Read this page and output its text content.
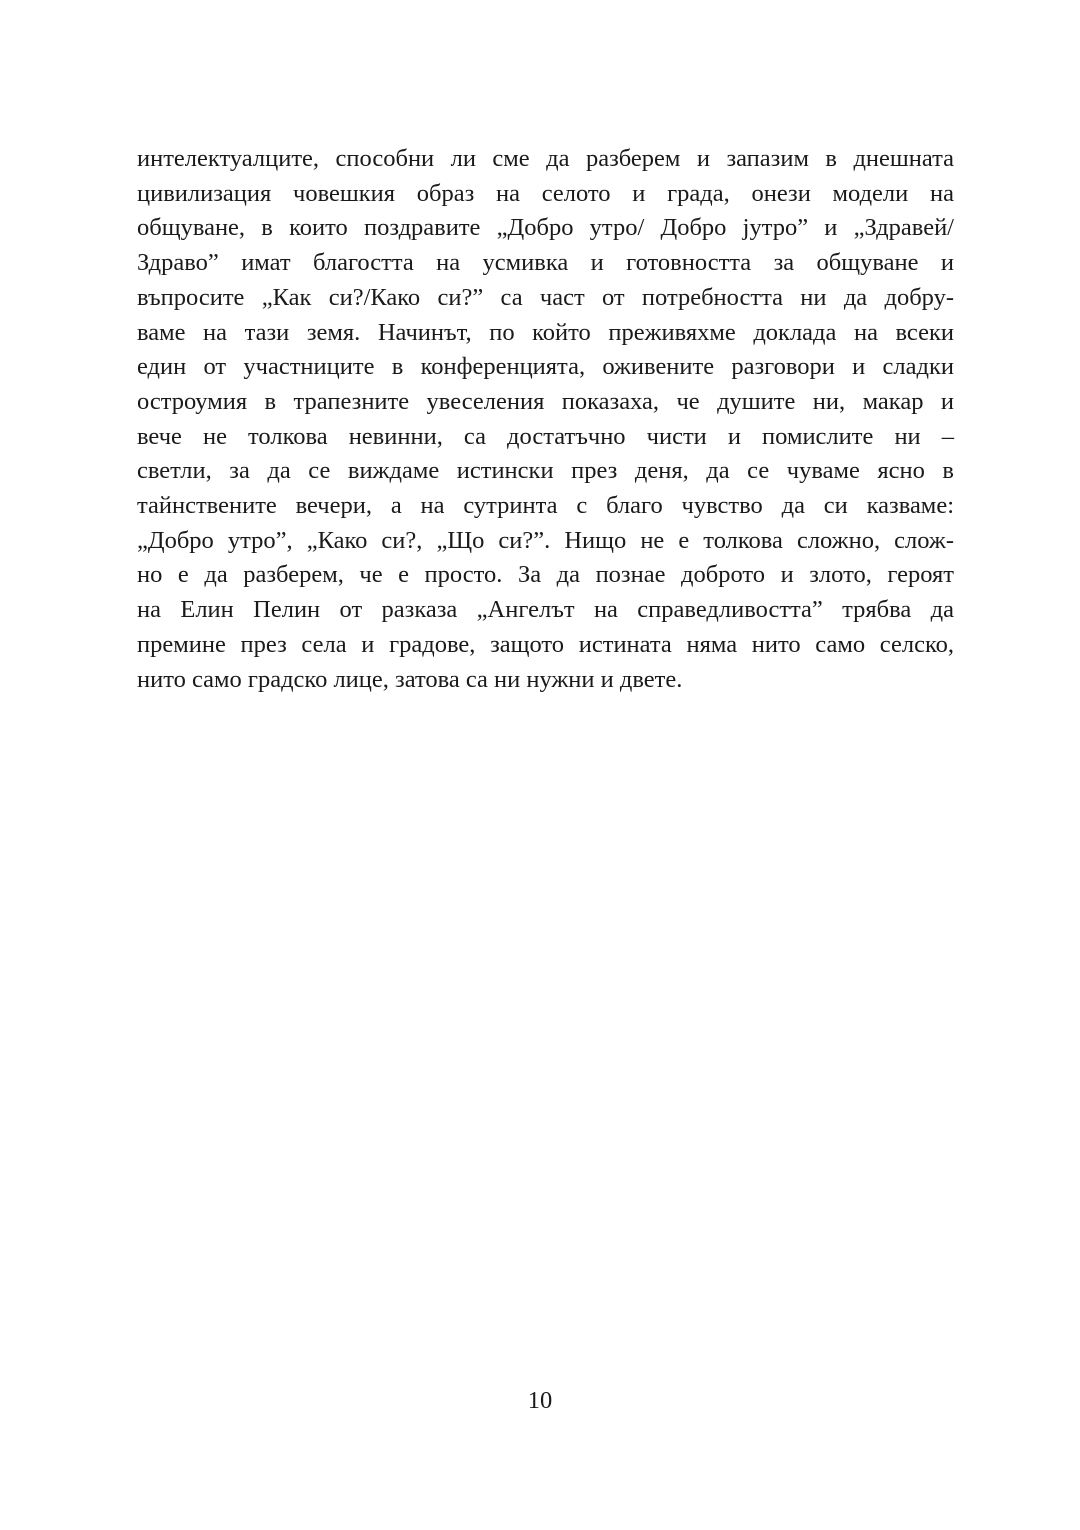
интелектуалците, способни ли сме да разберем и запазим в днешната
цивилизация човешкия образ на селото и града, онези модели на
общуване, в които поздравите „Добро утро/ Добро јутро” и „Здравей/
Здраво” имат благостта на усмивка и готовността за общуване и
въпросите „Как си?/Како си?” са част от потребността ни да добру-
ваме на тази земя. Начинът, по който преживяхме доклада на всеки
един от участниците в конференцията, оживените разговори и сладки
остроумия в трапезните увеселения показаха, че душите ни, макар и
вече не толкова невинни, са достатъчно чисти и помислите ни –
светли, за да се виждаме истински през деня, да се чуваме ясно в
тайнствените вечери, а на сутринта с благо чувство да си казваме:
„Добро утро”, „Како си?, „Що си?”. Нищо не е толкова сложно, слож-
но е да разберем, че е просто. За да познае доброто и злото, героят
на Елин Пелин от разказа „Ангелът на справедливостта” трябва да
премине през села и градове, защото истината няма нито само селско,
нито само градско лице, затова са ни нужни и двете.

10
